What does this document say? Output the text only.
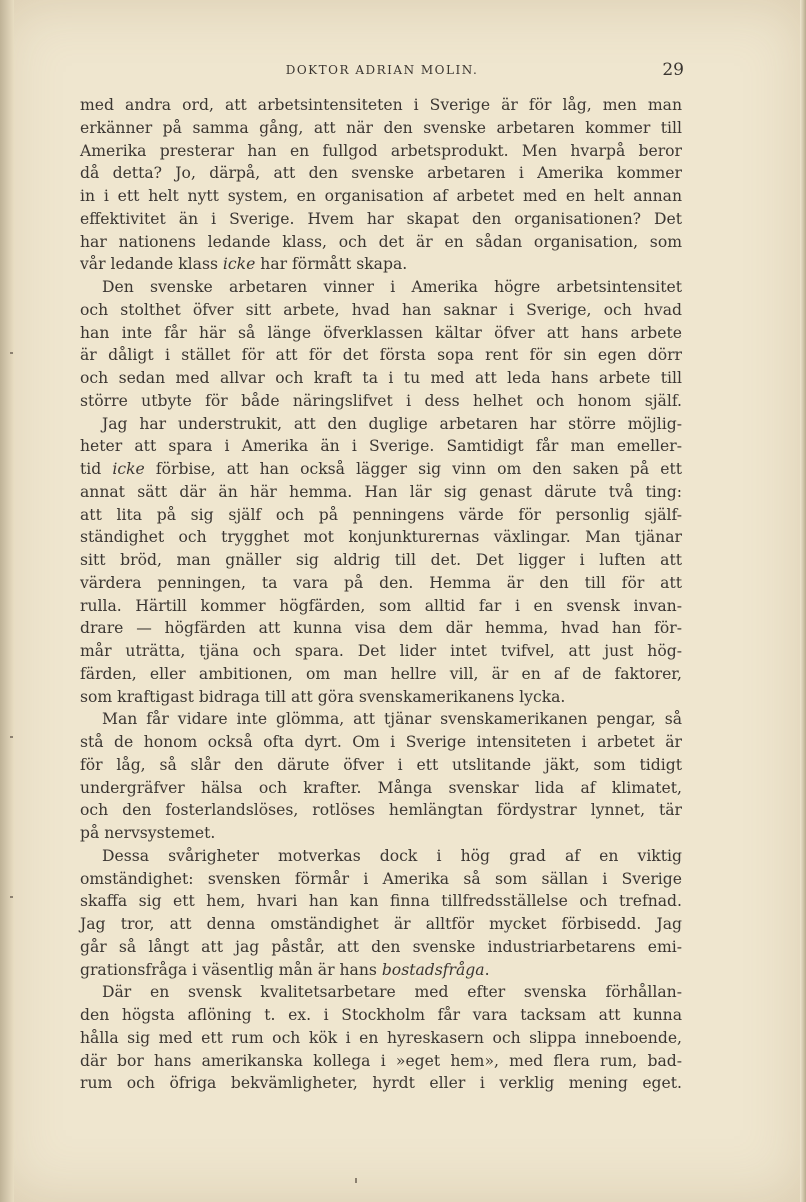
DOKTOR ADRIAN MOLIN.	29
med andra ord, att arbetsintensiteten i Sverige är för låg, men man
erkänner på samma gång, att när den svenske arbetaren kommer till
Amerika presterar han en fullgod arbetsprodukt. Men hvarpå beror
då detta? Jo, därpå, att den svenske arbetaren i Amerika kommer
in i ett helt nytt system, en organisation af arbetet med en helt annan
effektivitet än i Sverige. Hvem har skapat den organisationen? Det
har nationens ledande klass, och det är en sådan organisation, som
vår ledande klass icke har förmått skapa.
Den svenske arbetaren vinner i Amerika högre arbetsintensitet
och stolthet öfver sitt arbete, hvad han saknar i Sverige, och hvad
han inte får här så länge öfverklassen kältar öfver att hans arbete
är dåligt i stället för att för det första sopa rent för sin egen dörr
och sedan med allvar och kraft ta i tu med att leda hans arbete till
större utbyte för både näringslifvet i dess helhet och honom själf.
Jag har understrukit, att den duglige arbetaren har större möjlig-
heter att spara i Amerika än i Sverige. Samtidigt får man emeller-
tid icke förbise, att han också lägger sig vinn om den saken på ett
annat sätt där än här hemma. Han lär sig genast därute två ting:
att lita på sig själf och på penningens värde för personlig själf-
ständighet och trygghet mot konjunkturernas växlingar. Man tjänar
sitt bröd, man gnäller sig aldrig till det. Det ligger i luften att
värdera penningen, ta vara på den. Hemma är den till för att
rulla. Härtill kommer högfärden, som alltid far i en svensk invan-
drare — högfärden att kunna visa dem där hemma, hvad han för-
mår uträtta, tjäna och spara. Det lider intet tvifvel, att just hög-
färden, eller ambitionen, om man hellre vill, är en af de faktorer,
som kraftigast bidraga till att göra svenskamerikanens lycka.
Man får vidare inte glömma, att tjänar svenskamerikanen pengar, så
stå de honom också ofta dyrt. Om i Sverige intensiteten i arbetet är
för låg, så slår den därute öfver i ett utslitande jäkt, som tidigt
undergräfver hälsa och krafter. Många svenskar lida af klimatet,
och den fosterlandslöses, rotlöses hemlängtan fördystrar lynnet, tär
på nervsystemet.
Dessa svårigheter motverkas dock i hög grad af en viktig
omständighet: svensken förmår i Amerika så som sällan i Sverige
skaffa sig ett hem, hvari han kan finna tillfredsställelse och trefnad.
Jag tror, att denna omständighet är alltför mycket förbisedd. Jag
går så långt att jag påstår, att den svenske industriarbetarens emi-
grationsfråga i väsentlig mån är hans bostadsfråga.
Där en svensk kvalitetsarbetare med efter svenska förhållan-
den högsta aflöning t. ex. i Stockholm får vara tacksam att kunna
hålla sig med ett rum och kök i en hyreskasern och slippa inneboende,
där bor hans amerikanska kollega i »eget hem», med flera rum, bad-
rum och öfriga bekvämligheter, hyrdt eller i verklig mening eget.
